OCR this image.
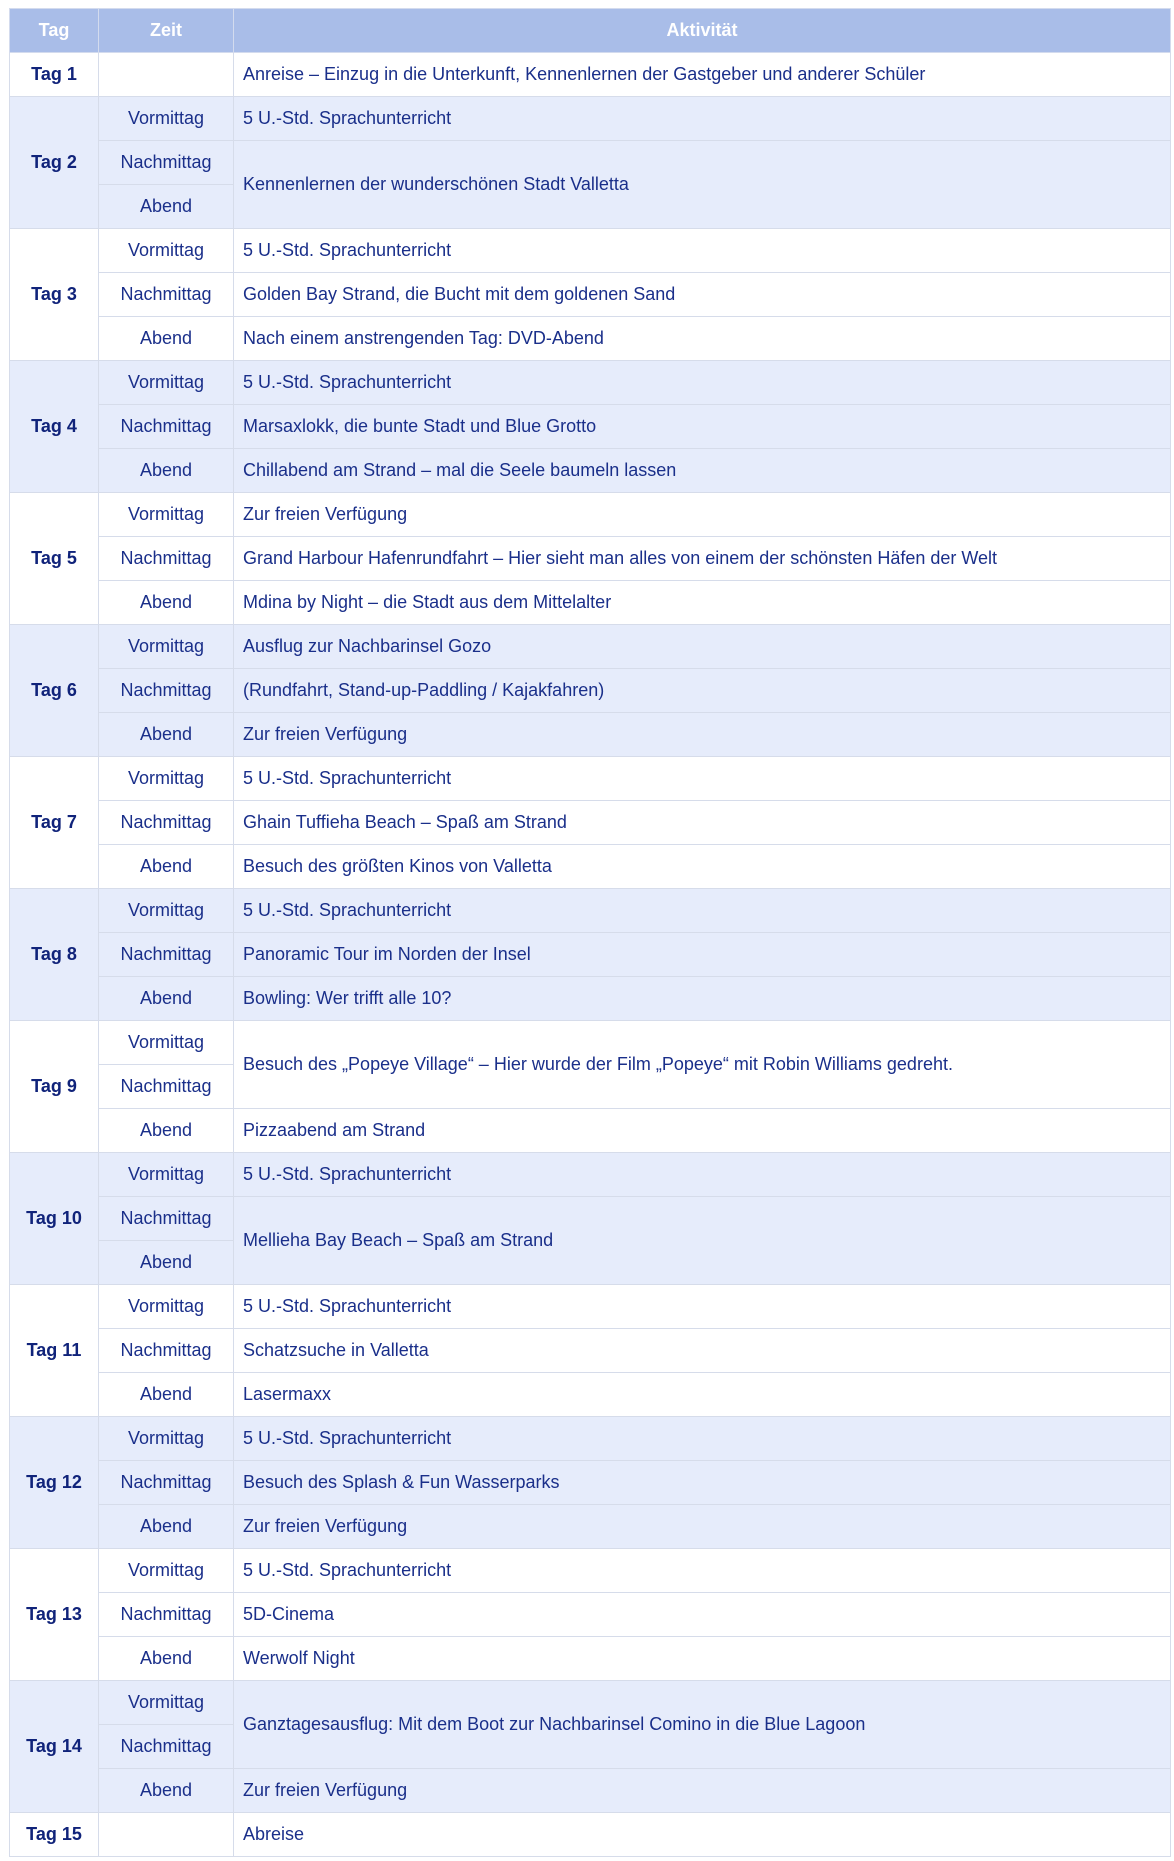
Tag	Zeit	Aktivität
Tag 1		Anreise – Einzug in die Unterkunft, Kennenlernen der Gastgeber und anderer Schüler
Tag 2	Vormittag	5 U.-Std. Sprachunterricht
	Nachmittag	Kennenlernen der wunderschönen Stadt Valletta
	Abend	
Tag 3	Vormittag	5 U.-Std. Sprachunterricht
	Nachmittag	Golden Bay Strand, die Bucht mit dem goldenen Sand
	Abend	Nach einem anstrengenden Tag: DVD-Abend
Tag 4	Vormittag	5 U.-Std. Sprachunterricht
	Nachmittag	Marsaxlokk, die bunte Stadt und Blue Grotto
	Abend	Chillabend am Strand – mal die Seele baumeln lassen
Tag 5	Vormittag	Zur freien Verfügung
	Nachmittag	Grand Harbour Hafenrundfahrt – Hier sieht man alles von einem der schönsten Häfen der Welt
	Abend	Mdina by Night – die Stadt aus dem Mittelalter
Tag 6	Vormittag	Ausflug zur Nachbarinsel Gozo
	Nachmittag	(Rundfahrt, Stand-up-Paddling / Kajakfahren)
	Abend	Zur freien Verfügung
Tag 7	Vormittag	5 U.-Std. Sprachunterricht
	Nachmittag	Ghain Tuffieha Beach – Spaß am Strand
	Abend	Besuch des größten Kinos von Valletta
Tag 8	Vormittag	5 U.-Std. Sprachunterricht
	Nachmittag	Panoramic Tour im Norden der Insel
	Abend	Bowling: Wer trifft alle 10?
Tag 9	Vormittag	Besuch des „Popeye Village“ – Hier wurde der Film „Popeye“ mit Robin Williams gedreht.
	Nachmittag	
	Abend	Pizzaabend am Strand
Tag 10	Vormittag	5 U.-Std. Sprachunterricht
	Nachmittag	Mellieha Bay Beach – Spaß am Strand
	Abend	
Tag 11	Vormittag	5 U.-Std. Sprachunterricht
	Nachmittag	Schatzsuche in Valletta
	Abend	Lasermaxx
Tag 12	Vormittag	5 U.-Std. Sprachunterricht
	Nachmittag	Besuch des Splash & Fun Wasserparks
	Abend	Zur freien Verfügung
Tag 13	Vormittag	5 U.-Std. Sprachunterricht
	Nachmittag	5D-Cinema
	Abend	Werwolf Night
Tag 14	Vormittag	Ganztagesausflug: Mit dem Boot zur Nachbarinsel Comino in die Blue Lagoon
	Nachmittag	
	Abend	Zur freien Verfügung
Tag 15		Abreise
